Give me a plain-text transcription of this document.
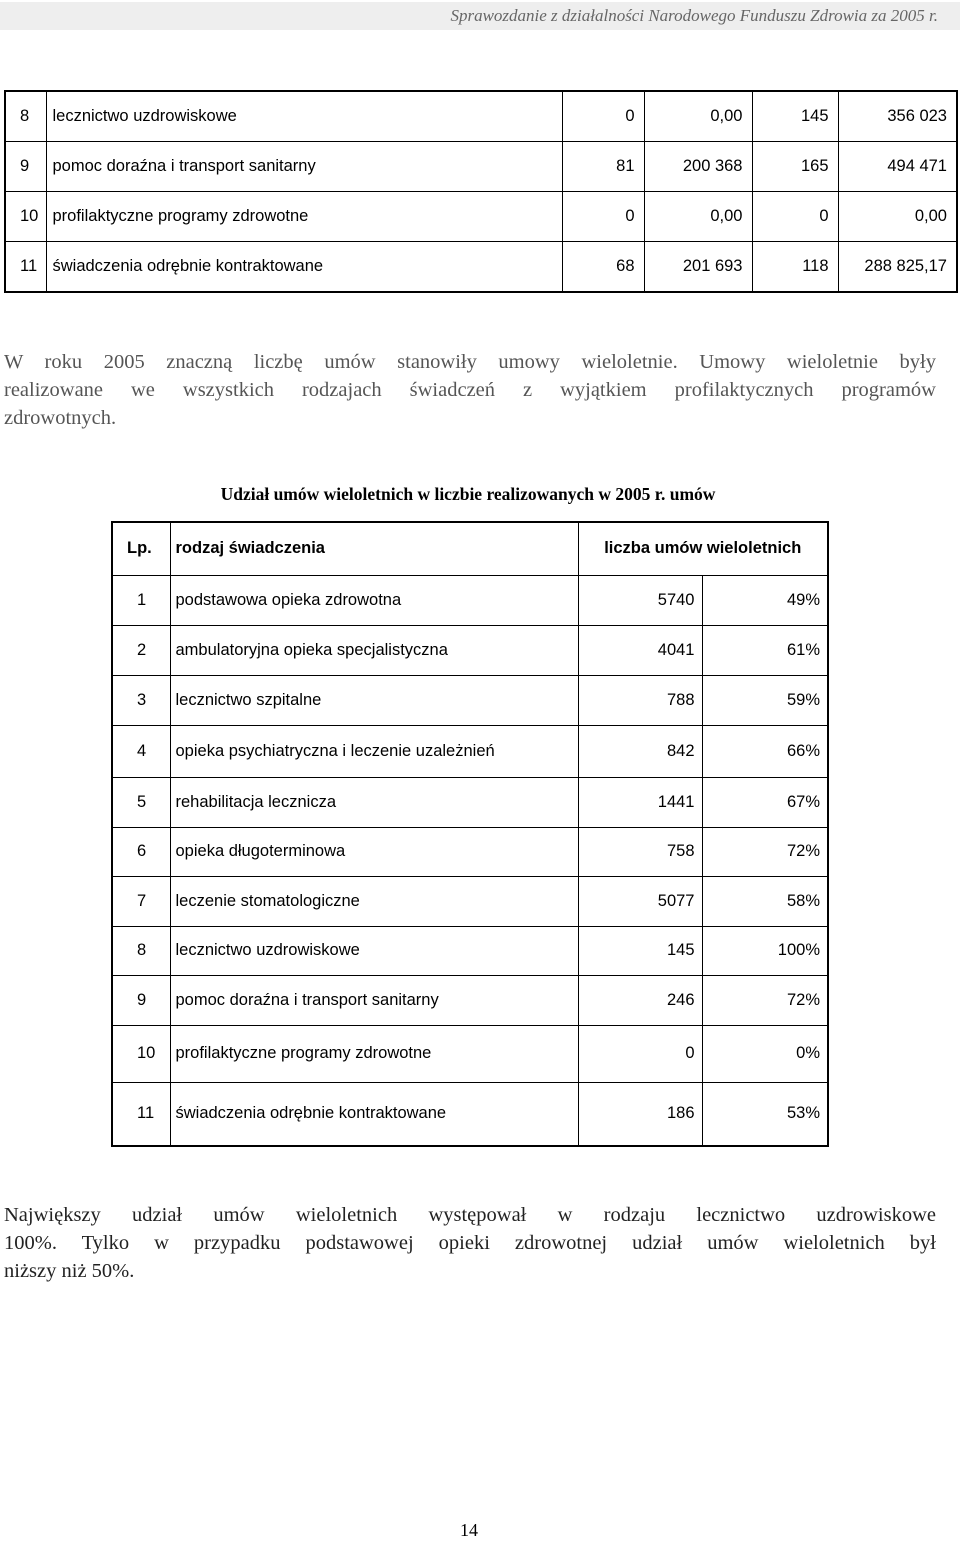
Sprawozdanie z działalności Narodowego Funduszu Zdrowia za 2005 r.
8	lecznictwo uzdrowiskowe	0	0,00	145	356 023
9	pomoc doraźna i transport sanitarny	81	200 368	165	494 471
10	profilaktyczne programy zdrowotne	0	0,00	0	0,00
11	świadczenia odrębnie kontraktowane	68	201 693	118	288 825,17
W roku 2005 znaczną liczbę umów stanowiły umowy wieloletnie. Umowy wieloletnie były
realizowane we wszystkich rodzajach świadczeń z wyjątkiem profilaktycznych programów
zdrowotnych.
Udział umów wieloletnich w liczbie realizowanych w 2005 r. umów
Lp.	rodzaj świadczenia	liczba umów wieloletnich	
1	podstawowa opieka zdrowotna	5740	49%
2	ambulatoryjna opieka specjalistyczna	4041	61%
3	lecznictwo szpitalne	788	59%
4	opieka psychiatryczna i leczenie uzależnień	842	66%
5	rehabilitacja lecznicza	1441	67%
6	opieka długoterminowa	758	72%
7	leczenie stomatologiczne	5077	58%
8	lecznictwo uzdrowiskowe	145	100%
9	pomoc doraźna i transport sanitarny	246	72%
10	profilaktyczne programy zdrowotne	0	0%
11	świadczenia odrębnie kontraktowane	186	53%
Największy udział umów wieloletnich występował w rodzaju lecznictwo uzdrowiskowe
100%. Tylko w przypadku podstawowej opieki zdrowotnej udział umów wieloletnich był
niższy niż 50%.
14
